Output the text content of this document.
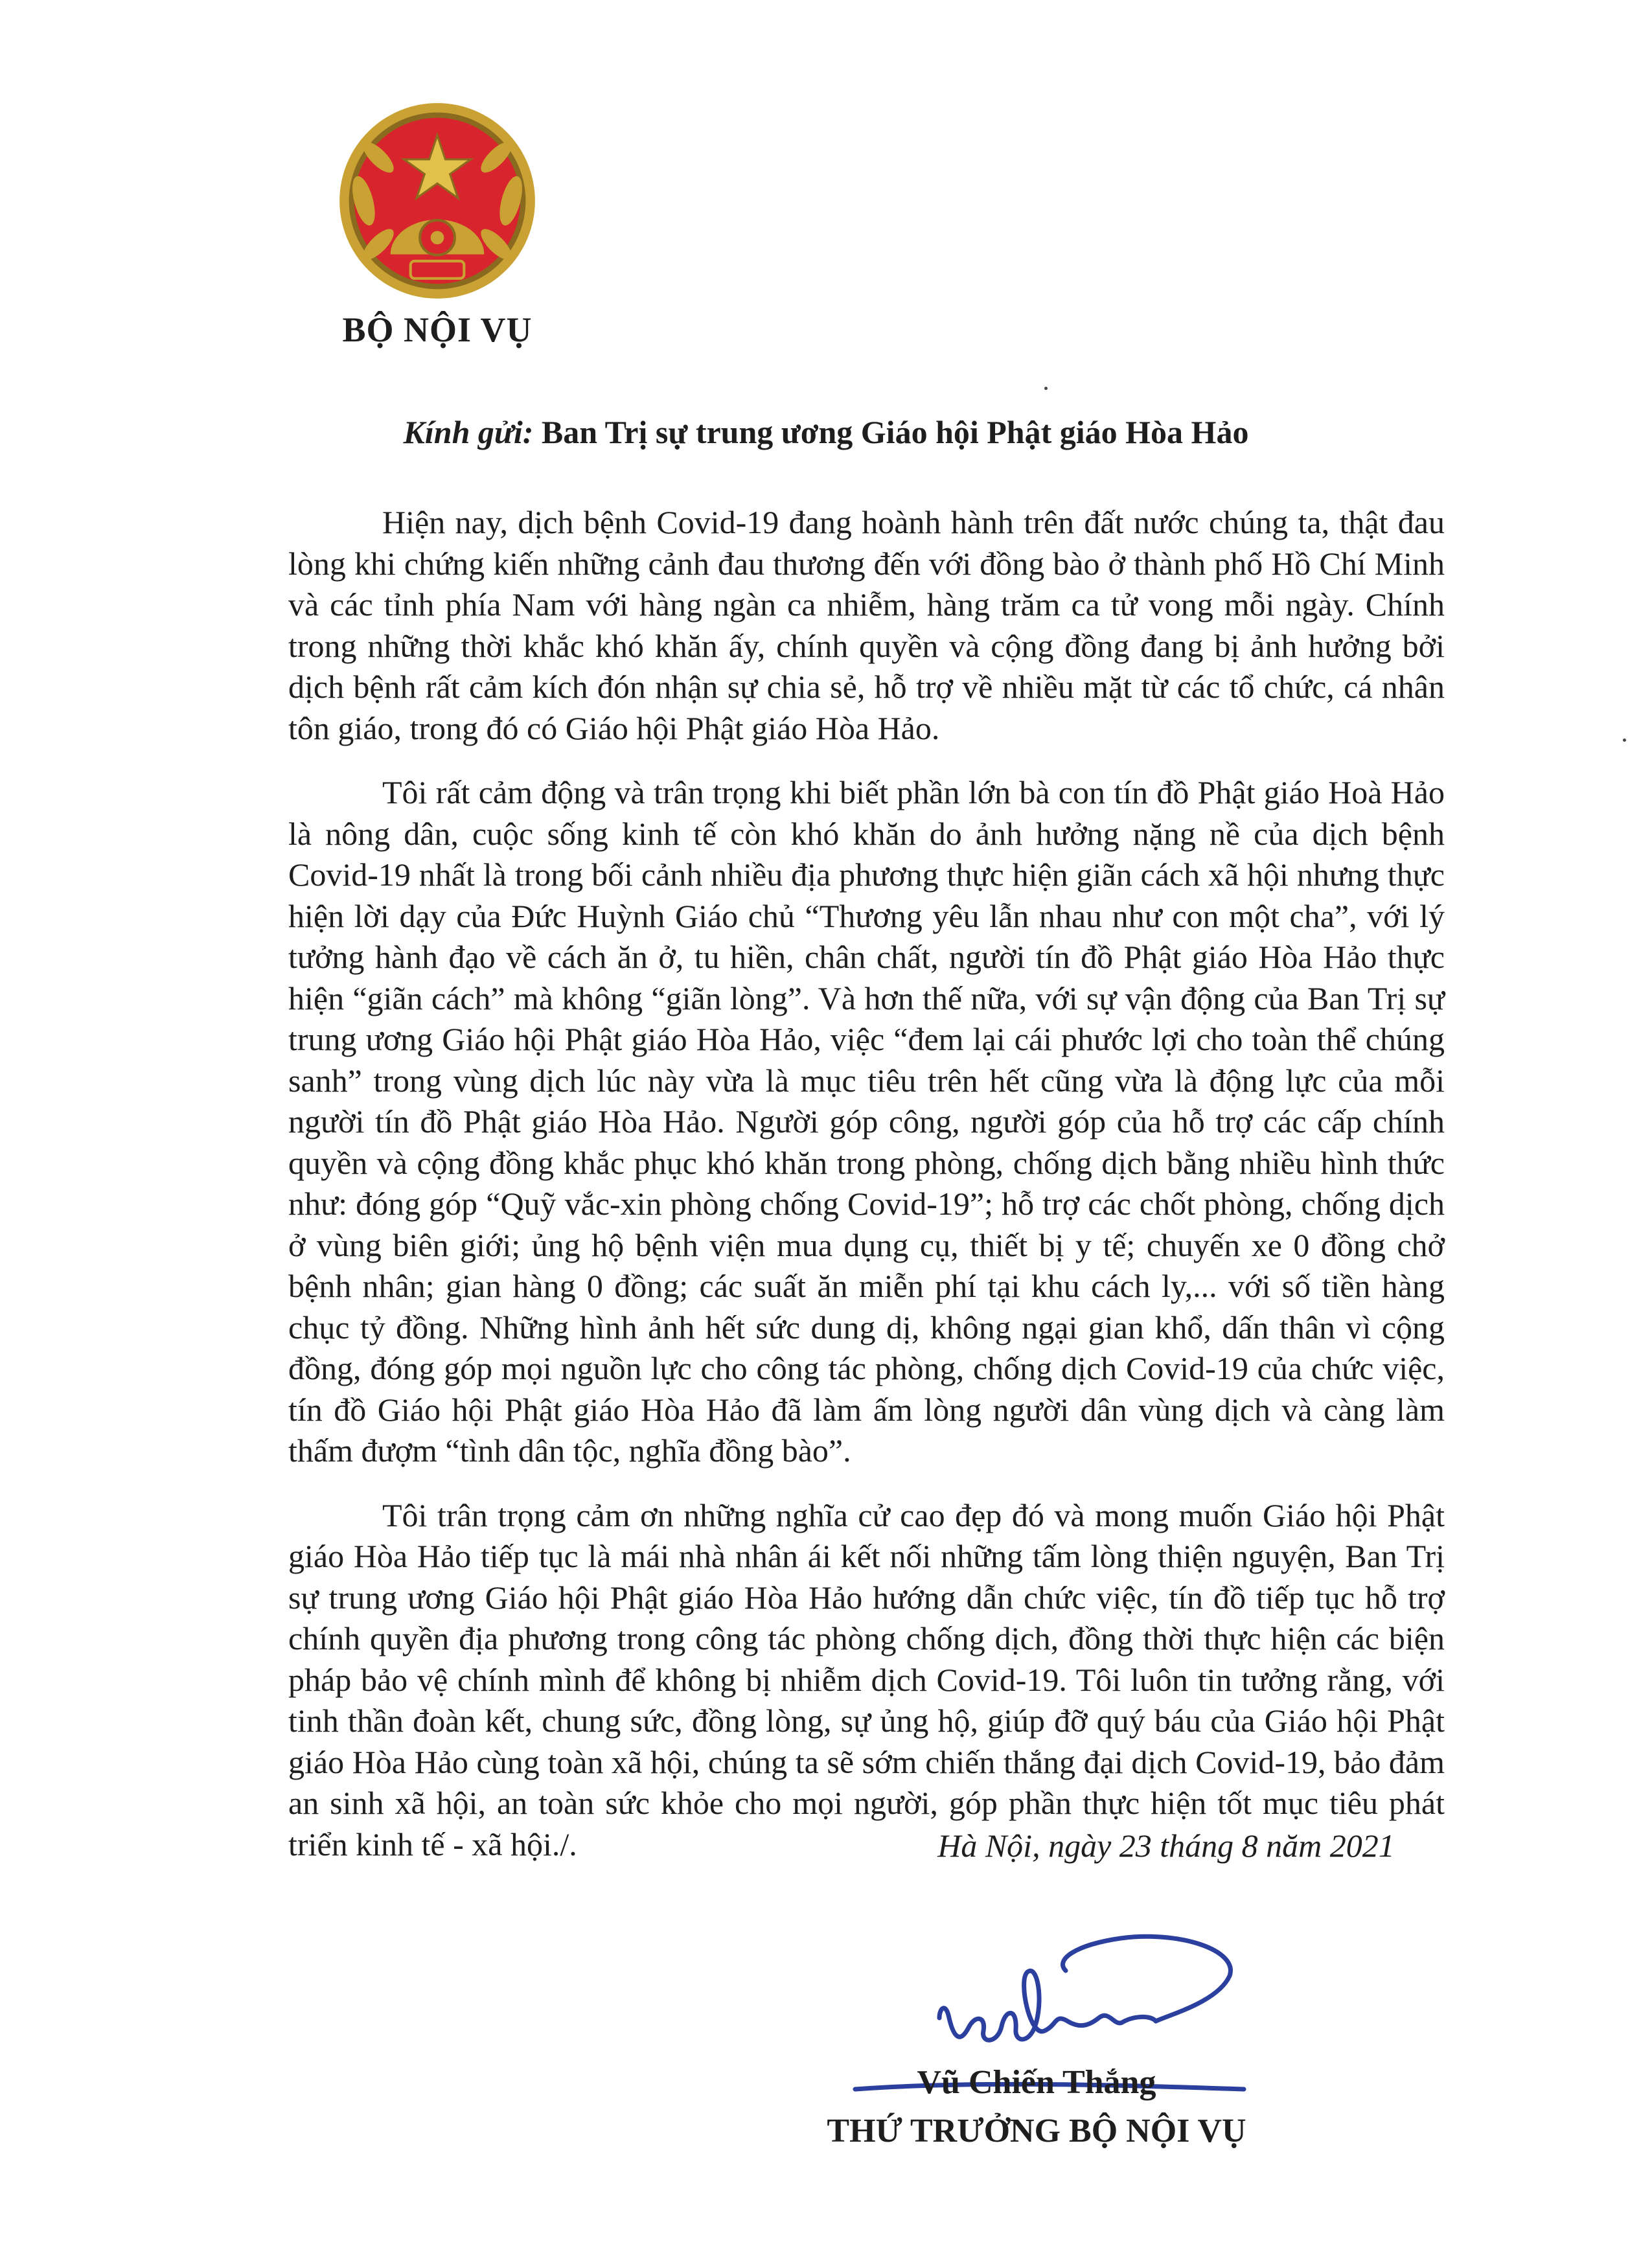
BỘ NỘI VỤ
Kính gửi: Ban Trị sự trung ương Giáo hội Phật giáo Hòa Hảo

Hiện nay, dịch bệnh Covid-19 đang hoành hành trên đất nước chúng ta, thật đau lòng khi chứng kiến những cảnh đau thương đến với đồng bào ở thành phố Hồ Chí Minh và các tỉnh phía Nam với hàng ngàn ca nhiễm, hàng trăm ca tử vong mỗi ngày. Chính trong những thời khắc khó khăn ấy, chính quyền và cộng đồng đang bị ảnh hưởng bởi dịch bệnh rất cảm kích đón nhận sự chia sẻ, hỗ trợ về nhiều mặt từ các tổ chức, cá nhân tôn giáo, trong đó có Giáo hội Phật giáo Hòa Hảo.

Tôi rất cảm động và trân trọng khi biết phần lớn bà con tín đồ Phật giáo Hoà Hảo là nông dân, cuộc sống kinh tế còn khó khăn do ảnh hưởng nặng nề của dịch bệnh Covid-19 nhất là trong bối cảnh nhiều địa phương thực hiện giãn cách xã hội nhưng thực hiện lời dạy của Đức Huỳnh Giáo chủ “Thương yêu lẫn nhau như con một cha”, với lý tưởng hành đạo về cách ăn ở, tu hiền, chân chất, người tín đồ Phật giáo Hòa Hảo thực hiện “giãn cách” mà không “giãn lòng”. Và hơn thế nữa, với sự vận động của Ban Trị sự trung ương Giáo hội Phật giáo Hòa Hảo, việc “đem lại cái phước lợi cho toàn thể chúng sanh” trong vùng dịch lúc này vừa là mục tiêu trên hết cũng vừa là động lực của mỗi người tín đồ Phật giáo Hòa Hảo. Người góp công, người góp của hỗ trợ các cấp chính quyền và cộng đồng khắc phục khó khăn trong phòng, chống dịch bằng nhiều hình thức như: đóng góp “Quỹ vắc-xin phòng chống Covid-19”; hỗ trợ các chốt phòng, chống dịch ở vùng biên giới; ủng hộ bệnh viện mua dụng cụ, thiết bị y tế; chuyến xe 0 đồng chở bệnh nhân; gian hàng 0 đồng; các suất ăn miễn phí tại khu cách ly,... với số tiền hàng chục tỷ đồng. Những hình ảnh hết sức dung dị, không ngại gian khổ, dấn thân vì cộng đồng, đóng góp mọi nguồn lực cho công tác phòng, chống dịch Covid-19 của chức việc, tín đồ Giáo hội Phật giáo Hòa Hảo đã làm ấm lòng người dân vùng dịch và càng làm thấm đượm “tình dân tộc, nghĩa đồng bào”.

Tôi trân trọng cảm ơn những nghĩa cử cao đẹp đó và mong muốn Giáo hội Phật giáo Hòa Hảo tiếp tục là mái nhà nhân ái kết nối những tấm lòng thiện nguyện, Ban Trị sự trung ương Giáo hội Phật giáo Hòa Hảo hướng dẫn chức việc, tín đồ tiếp tục hỗ trợ chính quyền địa phương trong công tác phòng chống dịch, đồng thời thực hiện các biện pháp bảo vệ chính mình để không bị nhiễm dịch Covid-19. Tôi luôn tin tưởng rằng, với tinh thần đoàn kết, chung sức, đồng lòng, sự ủng hộ, giúp đỡ quý báu của Giáo hội Phật giáo Hòa Hảo cùng toàn xã hội, chúng ta sẽ sớm chiến thắng đại dịch Covid-19, bảo đảm an sinh xã hội, an toàn sức khỏe cho mọi người, góp phần thực hiện tốt mục tiêu phát triển kinh tế - xã hội./.	Hà Nội, ngày 23 tháng 8 năm 2021
Vũ Chiến Thắng
THỨ TRƯỞNG BỘ NỘI VỤ
